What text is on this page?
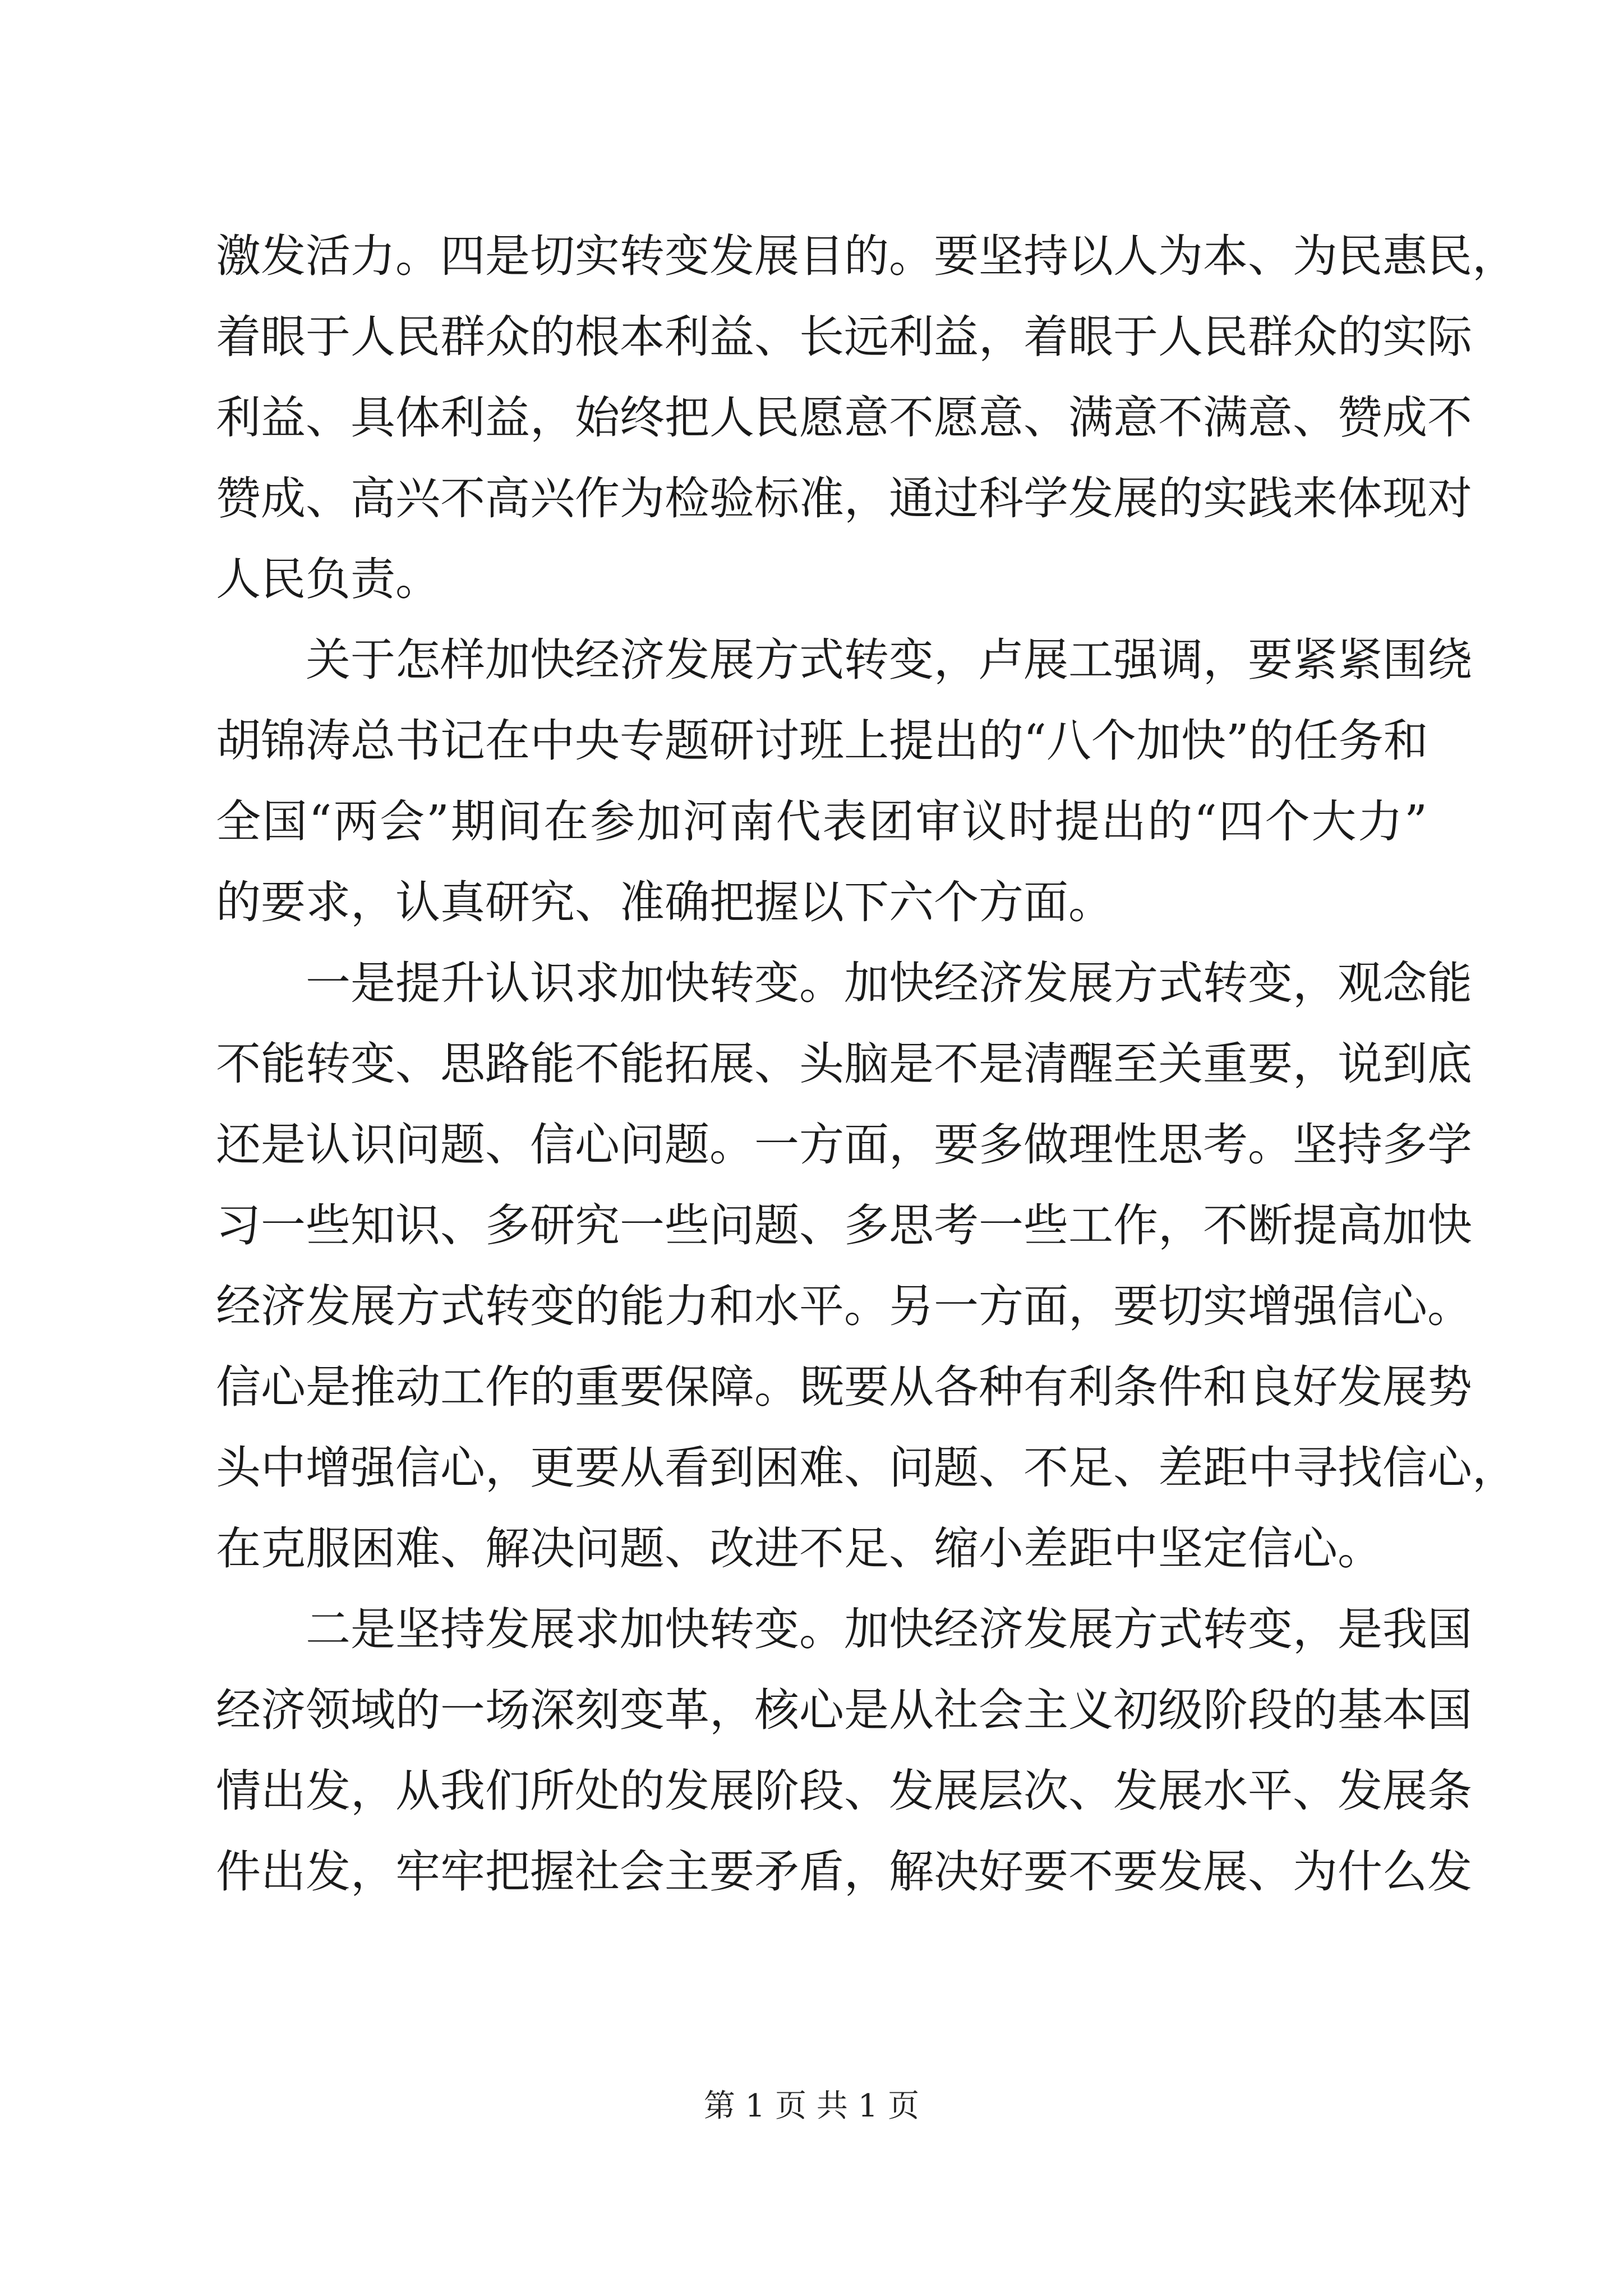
激发活力。四是切实转变发展目的。要坚持以人为本、为民惠民，
着眼于人民群众的根本利益、长远利益，着眼于人民群众的实际
利益、具体利益，始终把人民愿意不愿意、满意不满意、赞成不
赞成、高兴不高兴作为检验标准，通过科学发展的实践来体现对
人民负责。
关于怎样加快经济发展方式转变，卢展工强调，要紧紧围绕
胡锦涛总书记在中央专题研讨班上提出的“八个加快”的任务和
全国“两会”期间在参加河南代表团审议时提出的“四个大力”
的要求，认真研究、准确把握以下六个方面。
一是提升认识求加快转变。加快经济发展方式转变，观念能
不能转变、思路能不能拓展、头脑是不是清醒至关重要，说到底
还是认识问题、信心问题。一方面，要多做理性思考。坚持多学
习一些知识、多研究一些问题、多思考一些工作，不断提高加快
经济发展方式转变的能力和水平。另一方面，要切实增强信心。
信心是推动工作的重要保障。既要从各种有利条件和良好发展势
头中增强信心，更要从看到困难、问题、不足、差距中寻找信心，
在克服困难、解决问题、改进不足、缩小差距中坚定信心。
二是坚持发展求加快转变。加快经济发展方式转变，是我国
经济领域的一场深刻变革，核心是从社会主义初级阶段的基本国
情出发，从我们所处的发展阶段、发展层次、发展水平、发展条
件出发，牢牢把握社会主要矛盾，解决好要不要发展、为什么发
第 1 页 共 1 页
